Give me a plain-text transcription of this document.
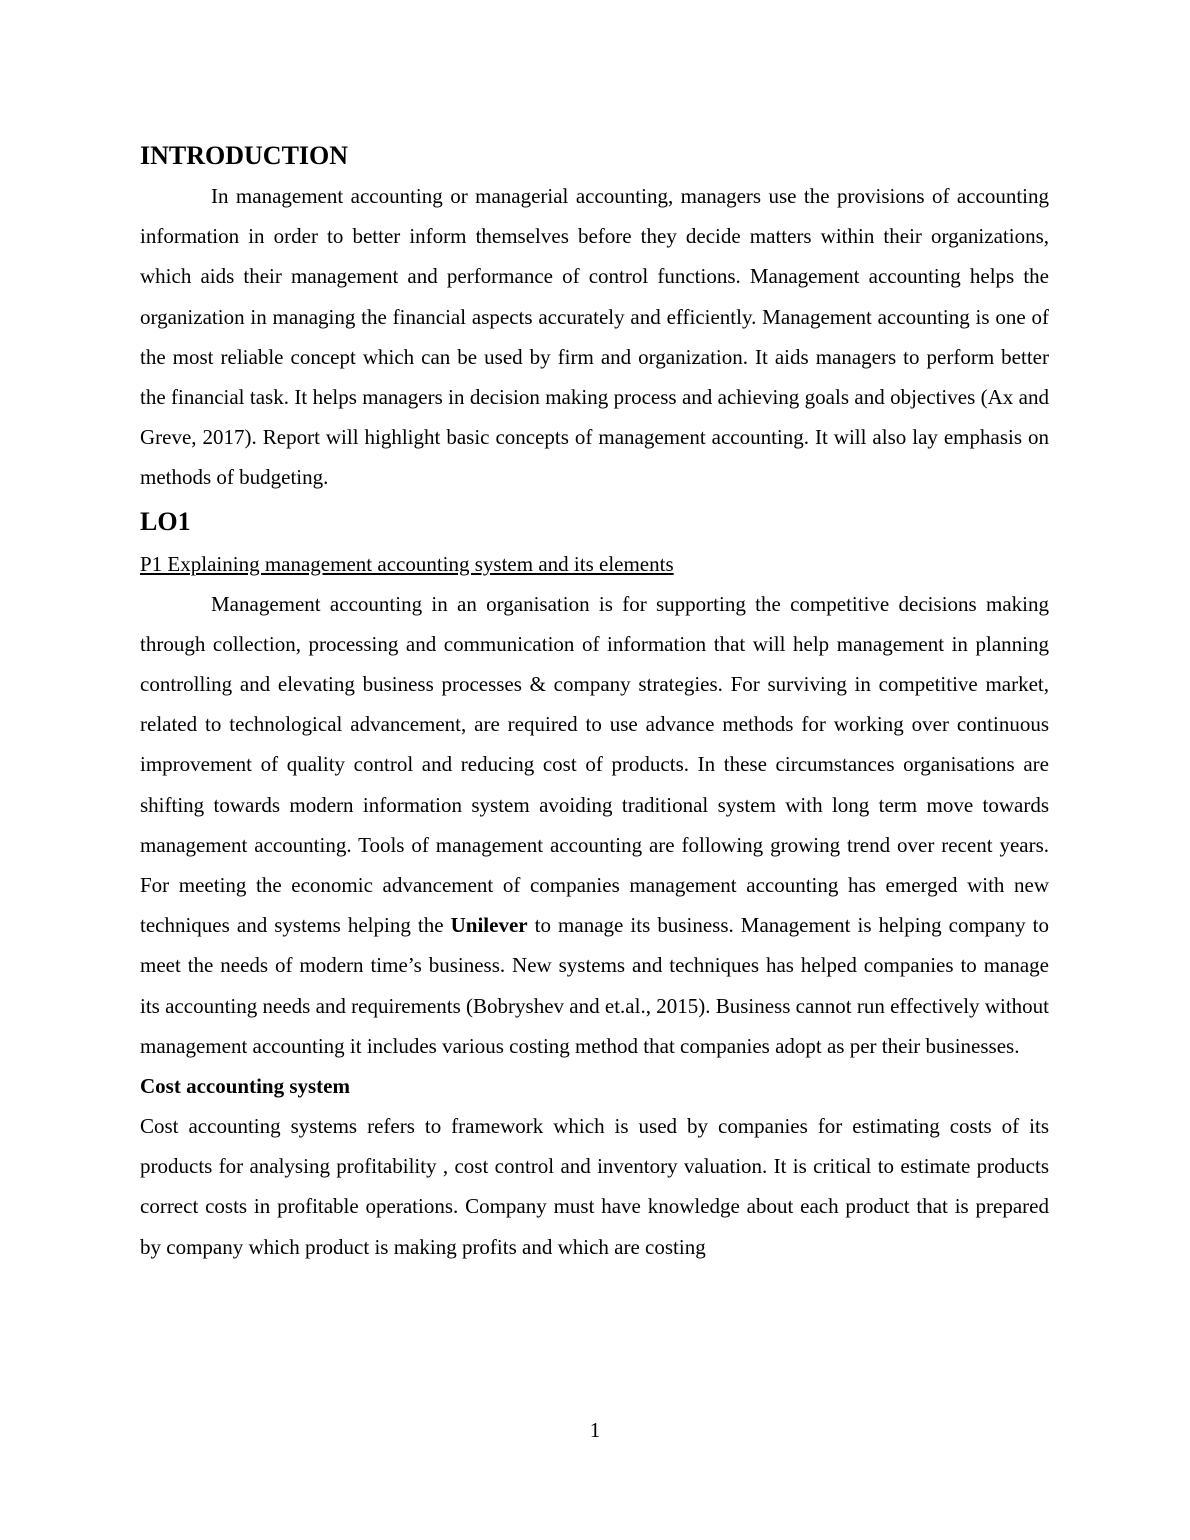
INTRODUCTION

In management accounting or managerial accounting, managers use the provisions of accounting information in order to better inform themselves before they decide matters within their organizations, which aids their management and performance of control functions. Management accounting helps the organization in managing the financial aspects accurately and efficiently. Management accounting is one of the most reliable concept which can be used by firm and organization. It aids managers to perform better the financial task. It helps managers in decision making process and achieving goals and objectives (Ax and Greve, 2017). Report will highlight basic concepts of management accounting. It will also lay emphasis on methods of budgeting.

LO1

P1 Explaining management accounting system and its elements

Management accounting in an organisation is for supporting the competitive decisions making through collection, processing and communication of information that will help management in planning controlling and elevating business processes & company strategies. For surviving in competitive market, related to technological advancement, are required to use advance methods for working over continuous improvement of quality control and reducing cost of products. In these circumstances organisations are shifting towards modern information system avoiding traditional system with long term move towards management accounting. Tools of management accounting are following growing trend over recent years. For meeting the economic advancement of companies management accounting has emerged with new techniques and systems helping the Unilever to manage its business. Management is helping company to meet the needs of modern time’s business. New systems and techniques has helped companies to manage its accounting needs and requirements (Bobryshev and et.al., 2015). Business cannot run effectively without management accounting it includes various costing method that companies adopt as per their businesses.

Cost accounting system

Cost accounting systems refers to framework which is used by companies for estimating costs of its products for analysing profitability , cost control and inventory valuation. It is critical to estimate products correct costs in profitable operations. Company must have knowledge about each product that is prepared by company which product is making profits and which are costing

1
